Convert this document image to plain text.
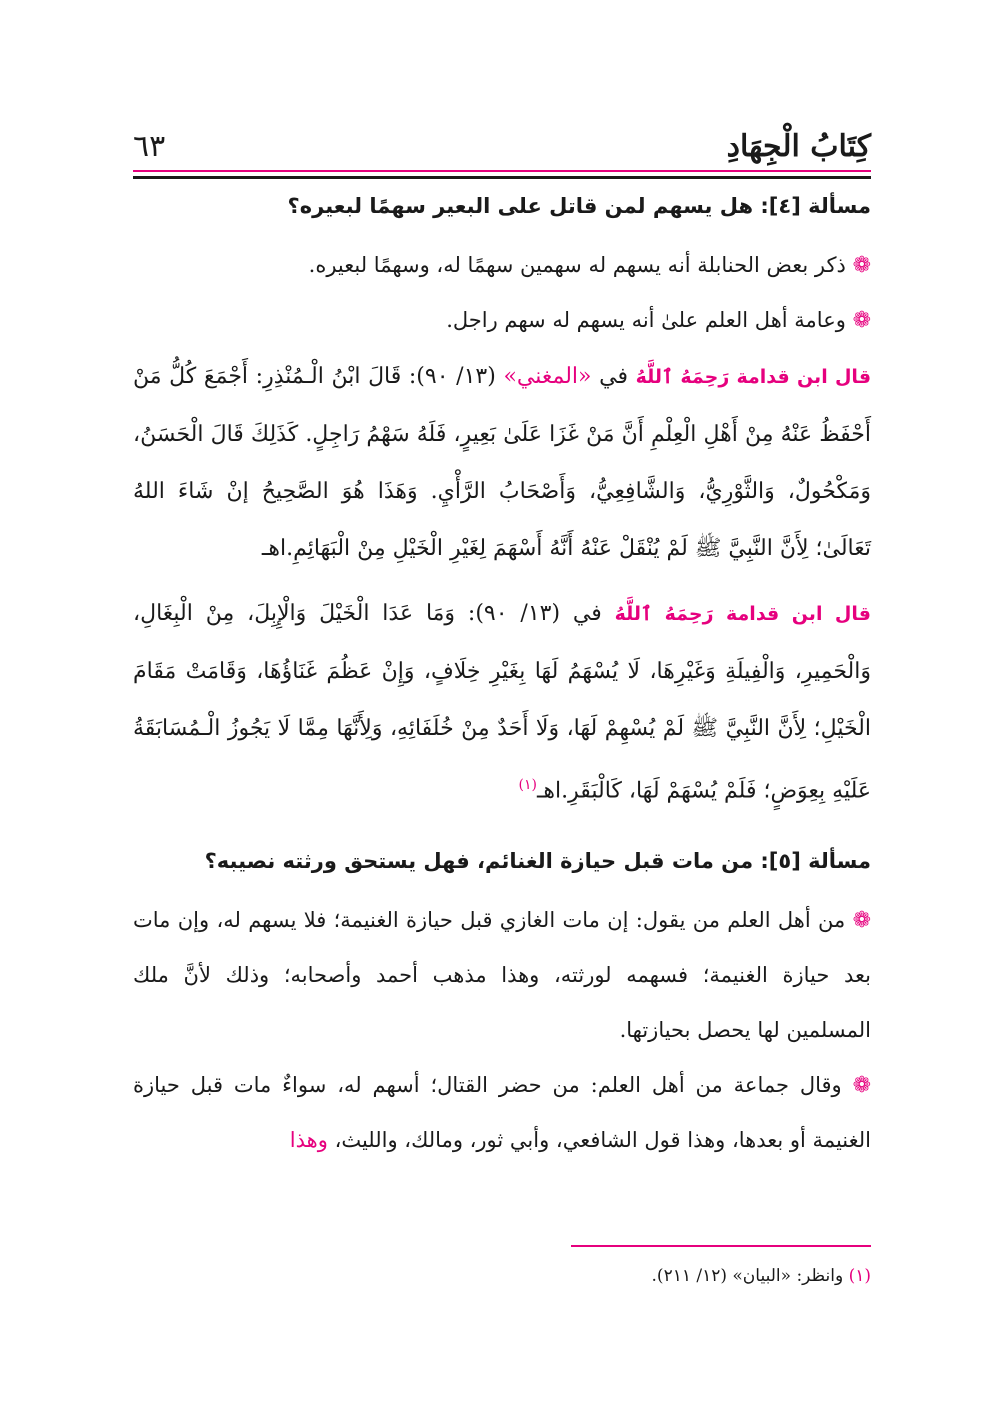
كِتَابُ الْجِهَادِ
٦٣

مسألة [٤]: هل يسهم لمن قاتل على البعير سهمًا لبعيره؟

❁ ذكر بعض الحنابلة أنه يسهم له سهمين سهمًا له، وسهمًا لبعيره.

❁ وعامة أهل العلم علىٰ أنه يسهم له سهم راجل.

قال ابن قدامة رَحِمَهُ ٱللَّهُ في «المغني» (١٣/ ٩٠): قَالَ ابْنُ الْـمُنْذِرِ: أَجْمَعَ كُلُّ مَنْ أَحْفَظُ عَنْهُ مِنْ أَهْلِ الْعِلْمِ أَنَّ مَنْ غَزَا عَلَىٰ بَعِيرٍ، فَلَهُ سَهْمُ رَاجِلٍ. كَذَلِكَ قَالَ الْحَسَنُ، وَمَكْحُولٌ، وَالثَّوْرِيُّ، وَالشَّافِعِيُّ، وَأَصْحَابُ الرَّأْيِ. وَهَذَا هُوَ الصَّحِيحُ إنْ شَاءَ اللهُ تَعَالَىٰ؛ لِأَنَّ النَّبِيَّ ﷺ لَمْ يُنْقَلْ عَنْهُ أَنَّهُ أَسْهَمَ لِغَيْرِ الْخَيْلِ مِنْ الْبَهَائِمِ.اهـ

قال ابن قدامة رَحِمَهُ ٱللَّهُ في (١٣/ ٩٠): وَمَا عَدَا الْخَيْلَ وَالْإِبِلَ، مِنْ الْبِغَالِ، وَالْحَمِيرِ، وَالْفِيلَةِ وَغَيْرِهَا، لَا يُسْهَمُ لَهَا بِغَيْرِ خِلَافٍ، وَإِنْ عَظُمَ غَنَاؤُهَا، وَقَامَتْ مَقَامَ الْخَيْلِ؛ لِأَنَّ النَّبِيَّ ﷺ لَمْ يُسْهِمْ لَهَا، وَلَا أَحَدٌ مِنْ خُلَفَائِهِ، وَلِأَنَّهَا مِمَّا لَا يَجُوزُ الْـمُسَابَقَةُ عَلَيْهِ بِعِوَضٍ؛ فَلَمْ يُسْهَمْ لَهَا، كَالْبَقَرِ.اهـ$^{(١)}$

مسألة [٥]: من مات قبل حيازة الغنائم، فهل يستحق ورثته نصيبه؟

❁ من أهل العلم من يقول: إن مات الغازي قبل حيازة الغنيمة؛ فلا يسهم له، وإن مات بعد حيازة الغنيمة؛ فسهمه لورثته، وهذا مذهب أحمد وأصحابه؛ وذلك لأنَّ ملك المسلمين لها يحصل بحيازتها.

❁ وقال جماعة من أهل العلم: من حضر القتال؛ أسهم له، سواءٌ مات قبل حيازة الغنيمة أو بعدها، وهذا قول الشافعي، وأبي ثور، ومالك، والليث، وهذا

(١) وانظر: «البيان» (١٢/ ٢١١).
